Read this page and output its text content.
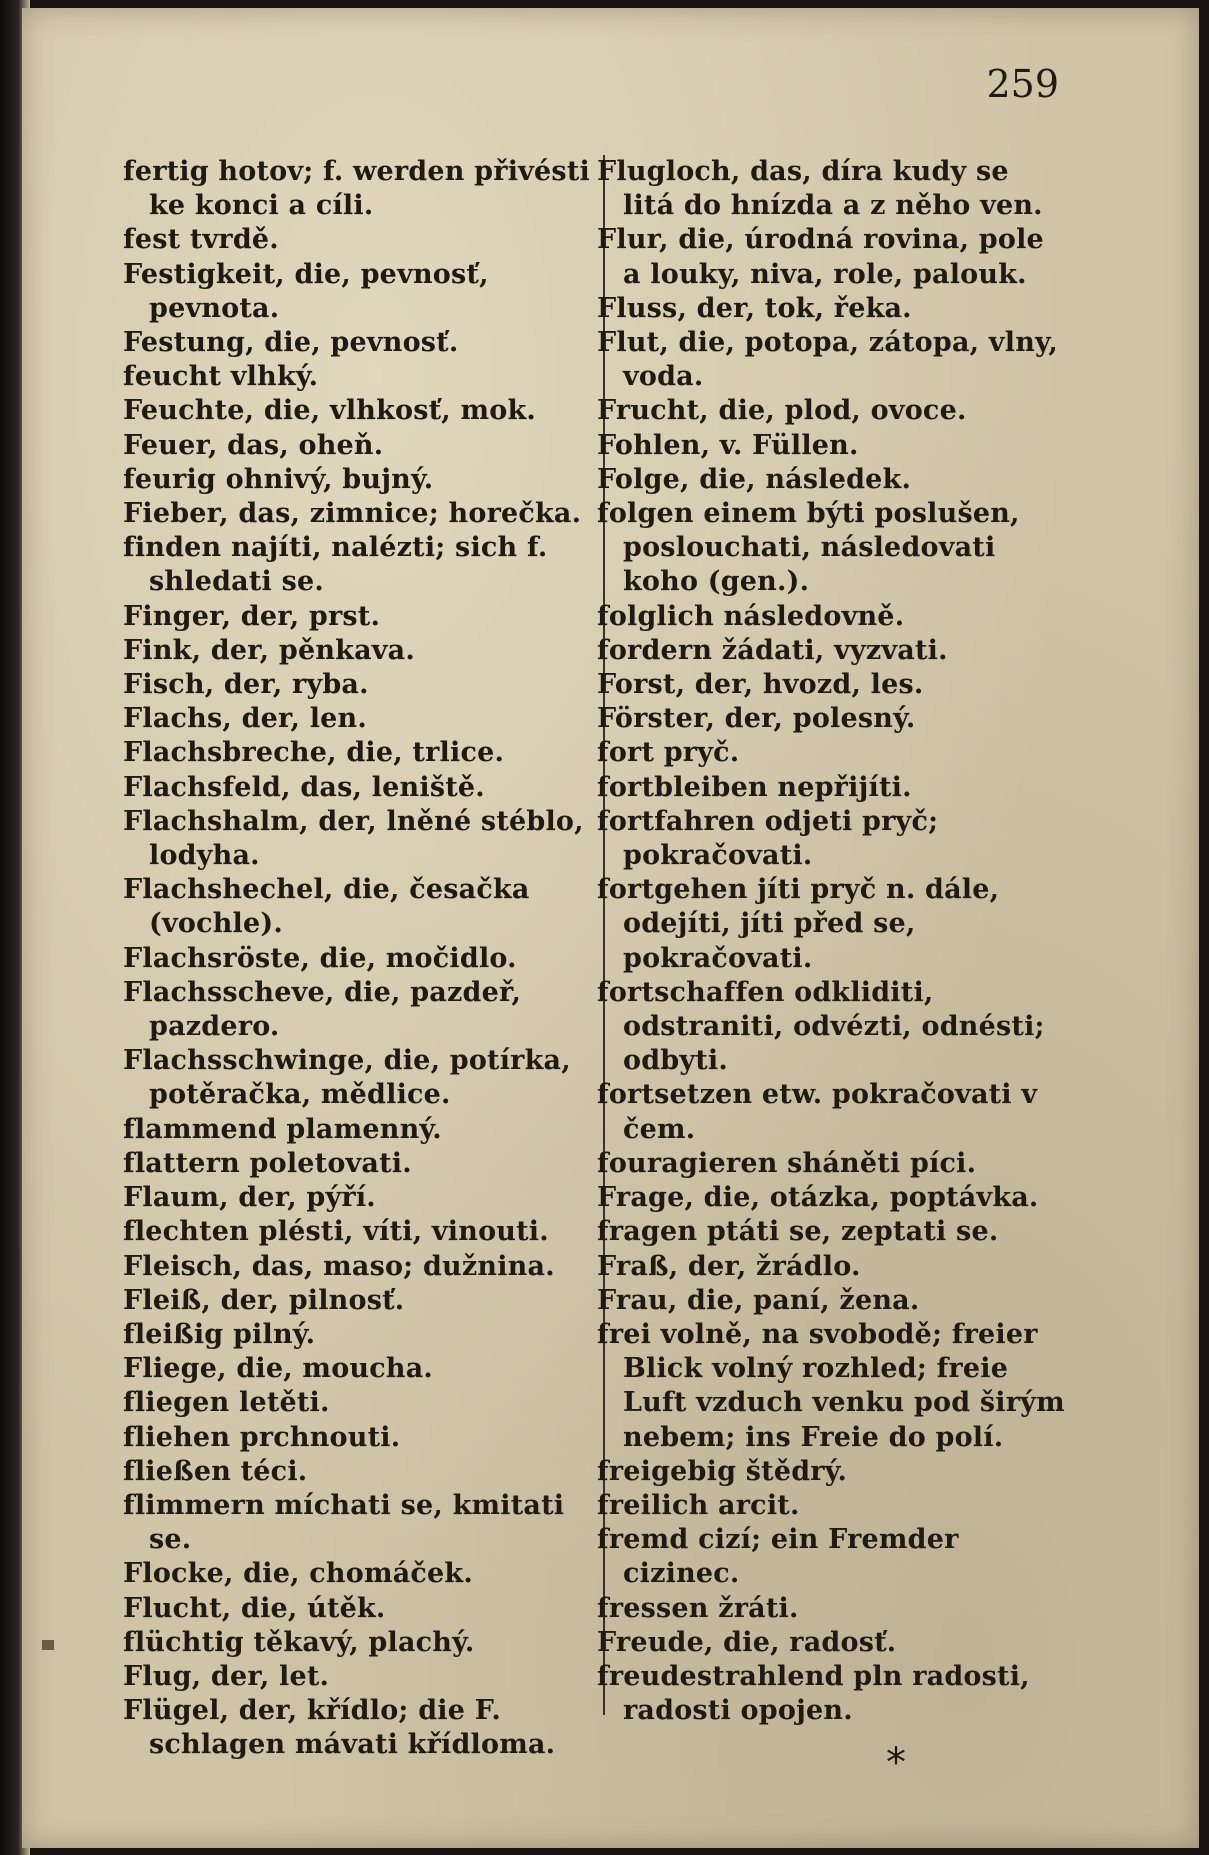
259

fertig hotov; f. werden přivésti ke konci a cíli.

fest tvrdě.

Festigkeit, die, pevnosť, pevnota.

Festung, die, pevnosť.

feucht vlhký.

Feuchte, die, vlhkosť, mok.

Feuer, das, oheň.

feurig ohnivý, bujný.

Fieber, das, zimnice; horečka.

finden najíti, nalézti; sich f. shledati se.

Finger, der, prst.

Fink, der, pěnkava.

Fisch, der, ryba.

Flachs, der, len.

Flachsbreche, die, trlice.

Flachsfeld, das, leniště.

Flachshalm, der, lněné stéblo, lodyha.

Flachshechel, die, česačka (vochle).

Flachsröste, die, močidlo.

Flachsscheve, die, pazdeř, pazdero.

Flachsschwinge, die, potírka, potěračka, mědlice.

flammend plamenný.

flattern poletovati.

Flaum, der, pýří.

flechten plésti, víti, vinouti.

Fleisch, das, maso; dužnina.

Fleiß, der, pilnosť.

fleißig pilný.

Fliege, die, moucha.

fliegen letěti.

fliehen prchnouti.

fließen téci.

flimmern míchati se, kmitati se.

Flocke, die, chomáček.

Flucht, die, útěk.

flüchtig těkavý, plachý.

Flug, der, let.

Flügel, der, křídlo; die F. schlagen mávati křídloma.

Flugloch, das, díra kudy se litá do hnízda a z něho ven.

Flur, die, úrodná rovina, pole a louky, niva, role, palouk.

Fluss, der, tok, řeka.

Flut, die, potopa, zátopa, vlny, voda.

Frucht, die, plod, ovoce.

Fohlen, v. Füllen.

Folge, die, následek.

folgen einem býti poslušen, poslouchati, následovati koho (gen.).

folglich následovně.

fordern žádati, vyzvati.

Forst, der, hvozd, les.

Förster, der, polesný.

fort pryč.

fortbleiben nepřijíti.

fortfahren odjeti pryč; pokračovati.

fortgehen jíti pryč n. dále, odejíti, jíti před se, pokračovati.

fortschaffen odkliditi, odstraniti, odvézti, odnésti; odbyti.

fortsetzen etw. pokračovati v čem.

fouragieren sháněti píci.

Frage, die, otázka, poptávka.

fragen ptáti se, zeptati se.

Fraß, der, žrádlo.

Frau, die, paní, žena.

frei volně, na svobodě; freier Blick volný rozhled; freie Luft vzduch venku pod širým nebem; ins Freie do polí.

freigebig štědrý.

freilich arcit.

fremd cizí; ein Fremder cizinec.

fressen žráti.

Freude, die, radosť.

freudestrahlend pln radosti, radosti opojen.

*
